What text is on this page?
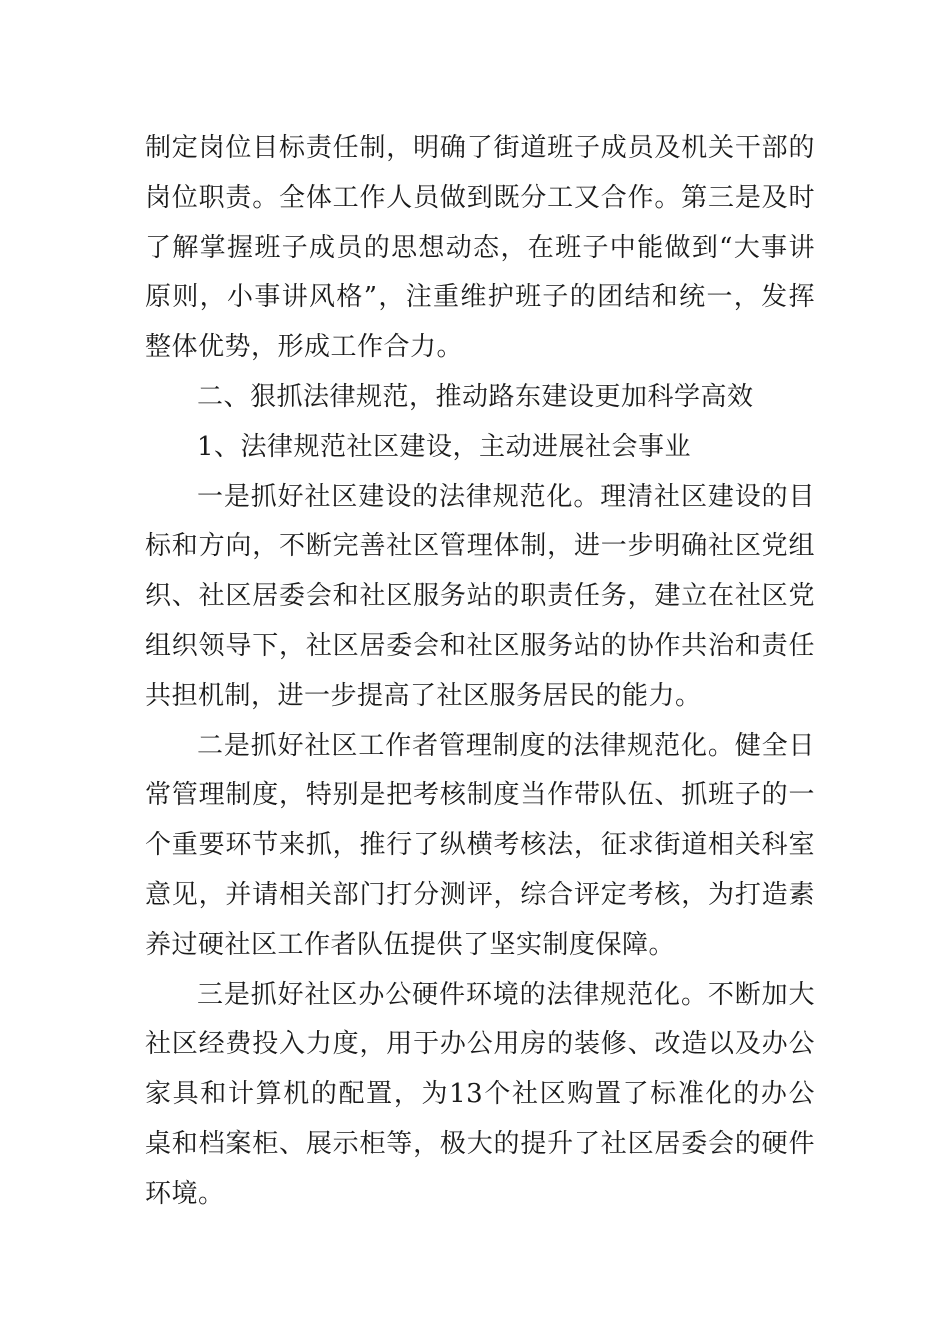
制定岗位目标责任制，明确了街道班子成员及机关干部的岗位职责。全体工作人员做到既分工又合作。第三是及时了解掌握班子成员的思想动态，在班子中能做到“大事讲原则，小事讲风格”，注重维护班子的团结和统一，发挥整体优势，形成工作合力。

二、狠抓法律规范，推动路东建设更加科学高效

1、法律规范社区建设，主动进展社会事业

一是抓好社区建设的法律规范化。理清社区建设的目标和方向，不断完善社区管理体制，进一步明确社区党组织、社区居委会和社区服务站的职责任务，建立在社区党组织领导下，社区居委会和社区服务站的协作共治和责任共担机制，进一步提高了社区服务居民的能力。

二是抓好社区工作者管理制度的法律规范化。健全日常管理制度，特别是把考核制度当作带队伍、抓班子的一个重要环节来抓，推行了纵横考核法，征求街道相关科室意见，并请相关部门打分测评，综合评定考核，为打造素养过硬社区工作者队伍提供了坚实制度保障。

三是抓好社区办公硬件环境的法律规范化。不断加大社区经费投入力度，用于办公用房的装修、改造以及办公家具和计算机的配置，为13个社区购置了标准化的办公桌和档案柜、展示柜等，极大的提升了社区居委会的硬件环境。
